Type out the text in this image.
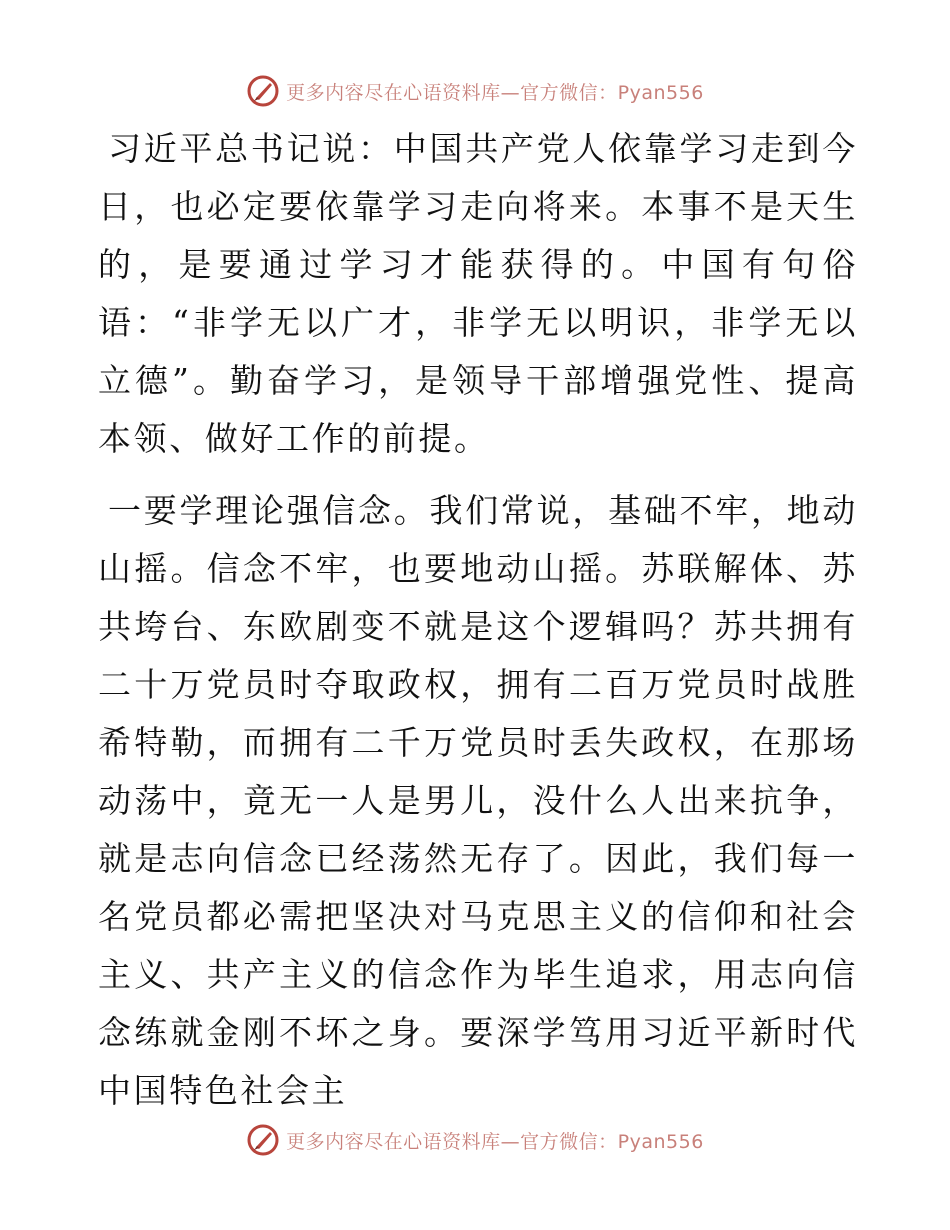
更多内容尽在心语资料库—官方微信：Pyan556

习近平总书记说：中国共产党人依靠学习走到今日，也必定要依靠学习走向将来。本事不是天生的，是要通过学习才能获得的。中国有句俗语：“非学无以广才，非学无以明识，非学无以立德”。勤奋学习，是领导干部增强党性、提高本领、做好工作的前提。

一要学理论强信念。我们常说，基础不牢，地动山摇。信念不牢，也要地动山摇。苏联解体、苏共垮台、东欧剧变不就是这个逻辑吗？苏共拥有二十万党员时夺取政权，拥有二百万党员时战胜希特勒，而拥有二千万党员时丢失政权，在那场动荡中，竟无一人是男儿，没什么人出来抗争，就是志向信念已经荡然无存了。因此，我们每一名党员都必需把坚决对马克思主义的信仰和社会主义、共产主义的信念作为毕生追求，用志向信念练就金刚不坏之身。要深学笃用习近平新时代中国特色社会主

更多内容尽在心语资料库—官方微信：Pyan556
